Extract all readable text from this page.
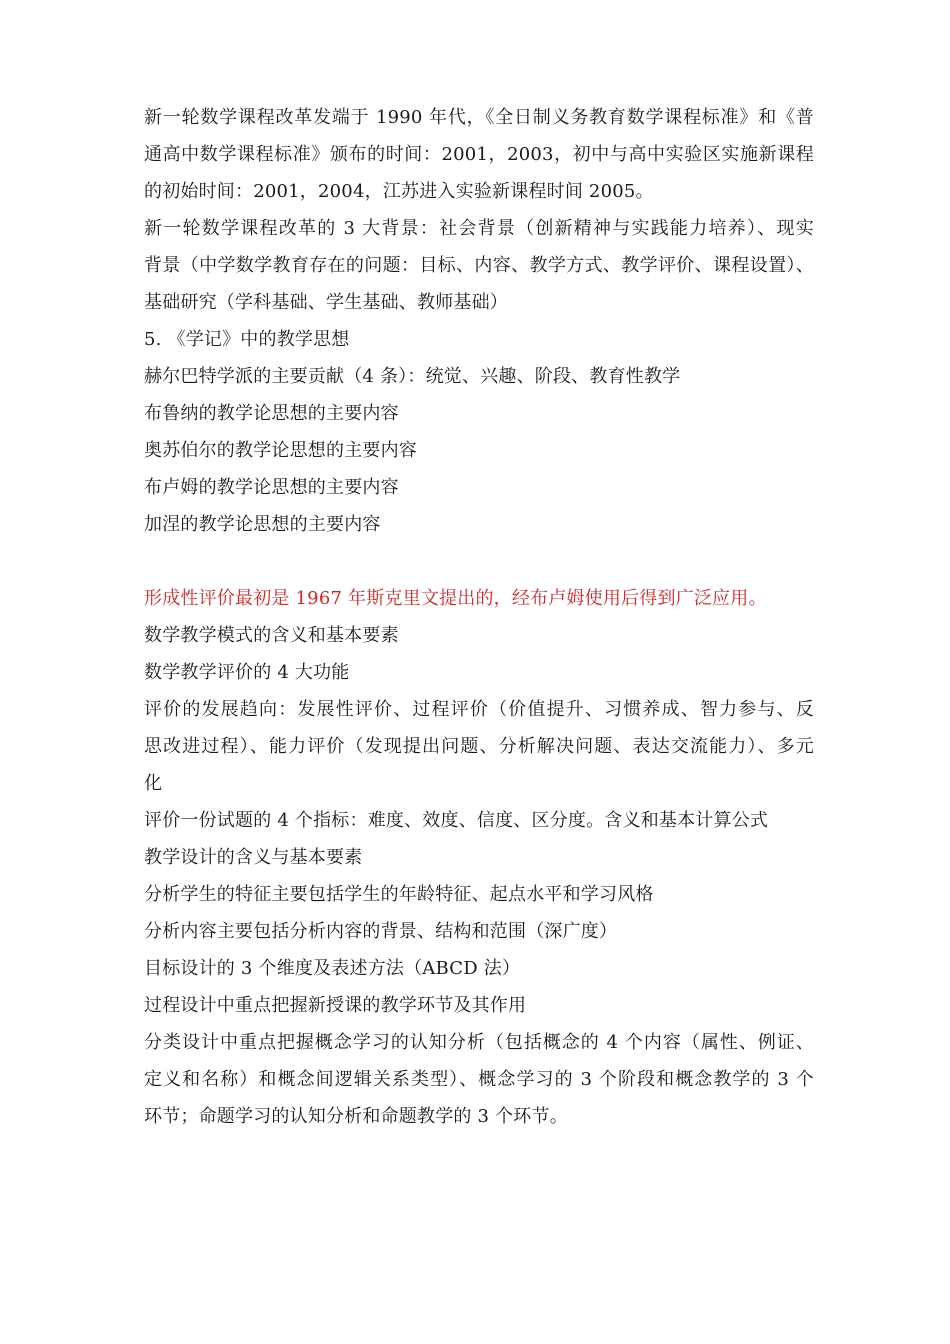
新一轮数学课程改革发端于 1990 年代，《全日制义务教育数学课程标准》和《普
通高中数学课程标准》颁布的时间：2001，2003，初中与高中实验区实施新课程
的初始时间：2001，2004，江苏进入实验新课程时间 2005。
新一轮数学课程改革的 3 大背景：社会背景（创新精神与实践能力培养）、现实
背景（中学数学教育存在的问题：目标、内容、教学方式、教学评价、课程设置）、
基础研究（学科基础、学生基础、教师基础）
5. 《学记》中的教学思想
赫尔巴特学派的主要贡献（4 条）：统觉、兴趣、阶段、教育性教学
布鲁纳的教学论思想的主要内容
奥苏伯尔的教学论思想的主要内容
布卢姆的教学论思想的主要内容
加涅的教学论思想的主要内容
形成性评价最初是 1967 年斯克里文提出的，经布卢姆使用后得到广泛应用。
数学教学模式的含义和基本要素
数学教学评价的 4 大功能
评价的发展趋向：发展性评价、过程评价（价值提升、习惯养成、智力参与、反
思改进过程）、能力评价（发现提出问题、分析解决问题、表达交流能力）、多元
化
评价一份试题的 4 个指标：难度、效度、信度、区分度。含义和基本计算公式
教学设计的含义与基本要素
分析学生的特征主要包括学生的年龄特征、起点水平和学习风格
分析内容主要包括分析内容的背景、结构和范围（深广度）
目标设计的 3 个维度及表述方法（ABCD 法）
过程设计中重点把握新授课的教学环节及其作用
分类设计中重点把握概念学习的认知分析（包括概念的 4 个内容（属性、例证、
定义和名称）和概念间逻辑关系类型）、概念学习的 3 个阶段和概念教学的 3 个
环节；命题学习的认知分析和命题教学的 3 个环节。
